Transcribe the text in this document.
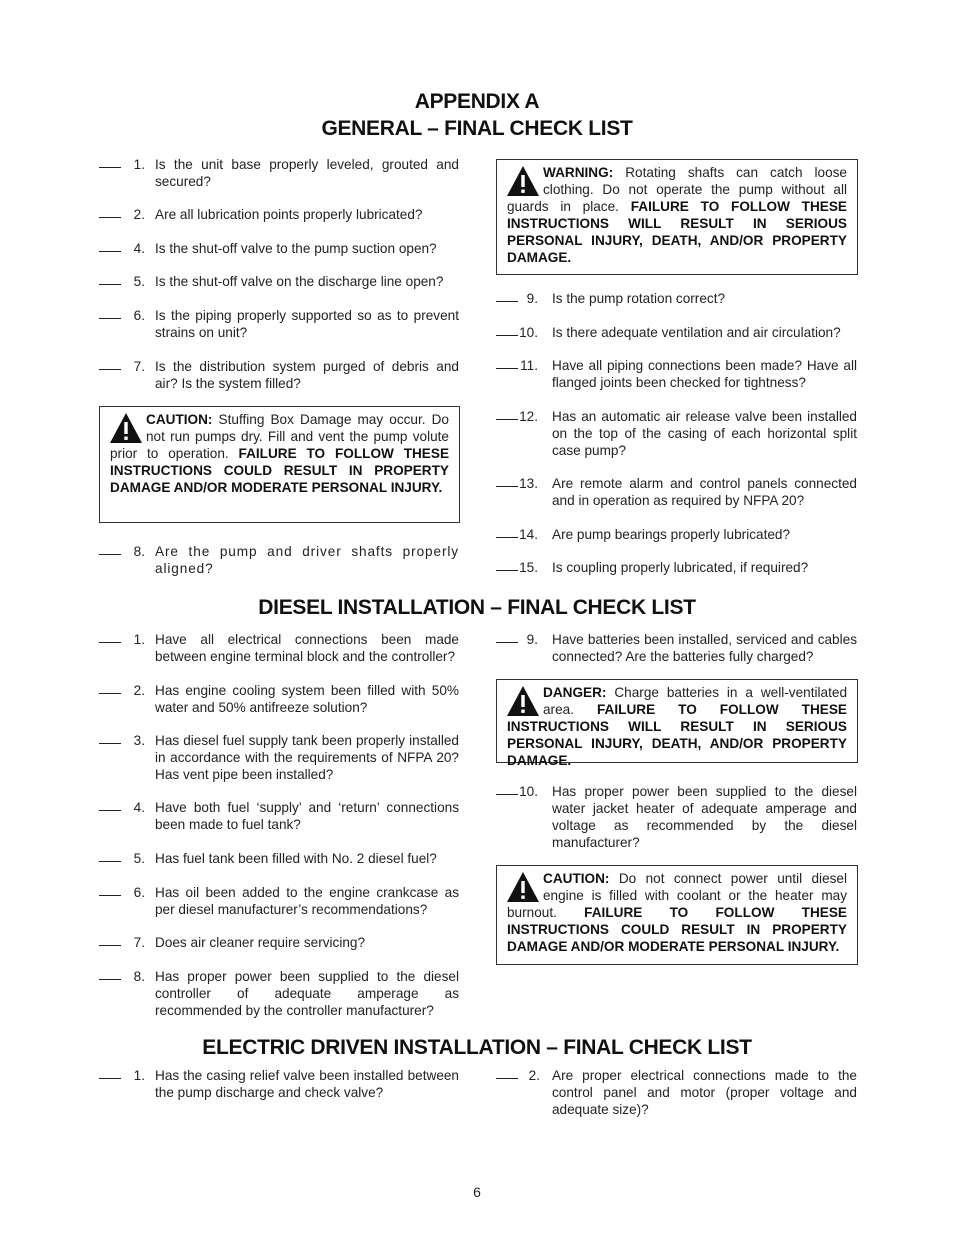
APPENDIX A
GENERAL – FINAL CHECK LIST
DIESEL INSTALLATION – FINAL CHECK LIST
ELECTRIC DRIVEN INSTALLATION – FINAL CHECK LIST
1. Is the unit base properly leveled, grouted and secured?
2. Are all lubrication points properly lubricated?
4. Is the shut-off valve to the pump suction open?
5. Is the shut-off valve on the discharge line open?
6. Is the piping properly supported so as to prevent strains on unit?
7. Is the distribution system purged of debris and air? Is the system filled?
CAUTION: Stuffing Box Damage may occur. Do not run pumps dry. Fill and vent the pump volute prior to operation. FAILURE TO FOLLOW THESE INSTRUCTIONS COULD RESULT IN PROPERTY DAMAGE AND/OR MODERATE PERSONAL INJURY.
8. Are the pump and driver shafts properly aligned?
WARNING: Rotating shafts can catch loose clothing. Do not operate the pump without all guards in place. FAILURE TO FOLLOW THESE INSTRUCTIONS WILL RESULT IN SERIOUS PERSONAL INJURY, DEATH, AND/OR PROPERTY DAMAGE.
9. Is the pump rotation correct?
10. Is there adequate ventilation and air circulation?
11. Have all piping connections been made? Have all flanged joints been checked for tightness?
12. Has an automatic air release valve been installed on the top of the casing of each horizontal split case pump?
13. Are remote alarm and control panels connected and in operation as required by NFPA 20?
14. Are pump bearings properly lubricated?
15. Is coupling properly lubricated, if required?
1. Have all electrical connections been made between engine terminal block and the controller?
2. Has engine cooling system been filled with 50% water and 50% antifreeze solution?
3. Has diesel fuel supply tank been properly installed in accordance with the requirements of NFPA 20? Has vent pipe been installed?
4. Have both fuel ‘supply’ and ‘return’ connections been made to fuel tank?
5. Has fuel tank been filled with No. 2 diesel fuel?
6. Has oil been added to the engine crankcase as per diesel manufacturer’s recommendations?
7. Does air cleaner require servicing?
8. Has proper power been supplied to the diesel controller of adequate amperage as recommended by the controller manufacturer?
9. Have batteries been installed, serviced and cables connected? Are the batteries fully charged?
DANGER: Charge batteries in a well-ventilated area. FAILURE TO FOLLOW THESE INSTRUCTIONS WILL RESULT IN SERIOUS PERSONAL INJURY, DEATH, AND/OR PROPERTY DAMAGE.
10. Has proper power been supplied to the diesel water jacket heater of adequate amperage and voltage as recommended by the diesel manufacturer?
CAUTION: Do not connect power until diesel engine is filled with coolant or the heater may burnout. FAILURE TO FOLLOW THESE INSTRUCTIONS COULD RESULT IN PROPERTY DAMAGE AND/OR MODERATE PERSONAL INJURY.
1. Has the casing relief valve been installed between the pump discharge and check valve?
2. Are proper electrical connections made to the control panel and motor (proper voltage and adequate size)?
6
